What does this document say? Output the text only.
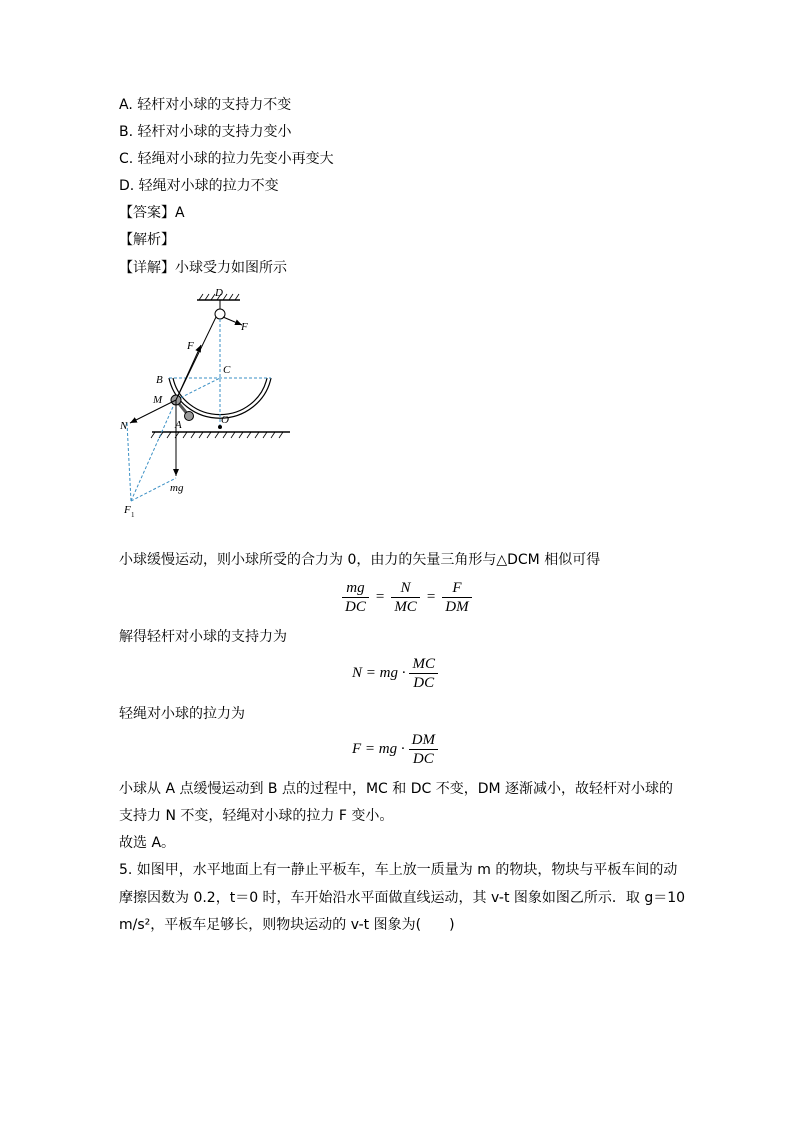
A. 轻杆对小球的支持力不变
B. 轻杆对小球的支持力变小
C. 轻绳对小球的拉力先变小再变大
D. 轻绳对小球的拉力不变
【答案】A
【解析】
【详解】小球受力如图所示
D
F
F
B
C
M
N	A	O
mg
F 1
小球缓慢运动，则小球所受的合力为 0，由力的矢量三角形与△DCM 相似可得
$\frac{mg}{DC} = \frac{N}{MC} = \frac{F}{DM}$
解得轻杆对小球的支持力为
N = mg · $\frac{MC}{DC}$
轻绳对小球的拉力为
F = mg · $\frac{DM}{DC}$
小球从 A 点缓慢运动到 B 点的过程中，MC 和 DC 不变，DM 逐渐减小，故轻杆对小球的
支持力 N 不变，轻绳对小球的拉力 F 变小。
故选 A。
5. 如图甲，水平地面上有一静止平板车，车上放一质量为 m 的物块，物块与平板车间的动
摩擦因数为 0.2，t＝0 时，车开始沿水平面做直线运动，其 v-t 图象如图乙所示．取 g＝10
m/s²，平板车足够长，则物块运动的 v-t 图象为(　　)
